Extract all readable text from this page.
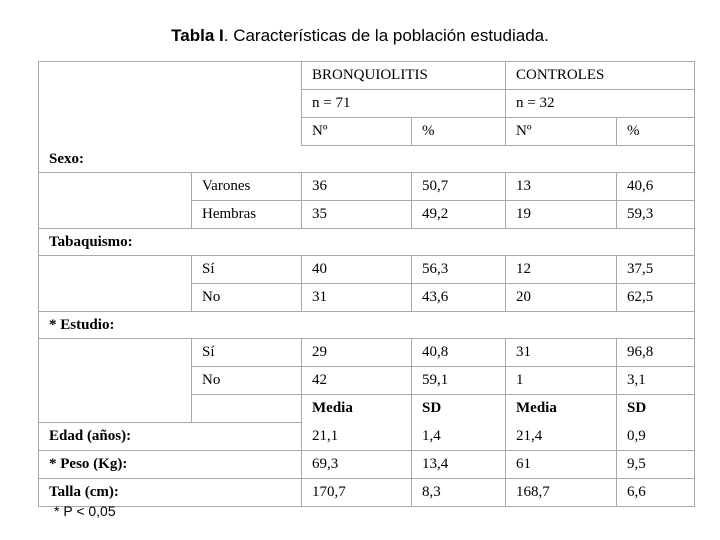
Tabla I. Características de la población estudiada.
		BRONQUIOLITIS		CONTROLES	
		n = 71		n = 32	
		Nº	%	Nº	%
Sexo:					
	Varones	36	50,7	13	40,6
	Hembras	35	49,2	19	59,3
Tabaquismo:					
	Sí	40	56,3	12	37,5
	No	31	43,6	20	62,5
* Estudio:					
	Sí	29	40,8	31	96,8
	No	42	59,1	1	3,1
		Media	SD	Media	SD
Edad (años):		21,1	1,4	21,4	0,9
* Peso (Kg):		69,3	13,4	61	9,5
Talla (cm):		170,7	8,3	168,7	6,6
* P < 0,05
